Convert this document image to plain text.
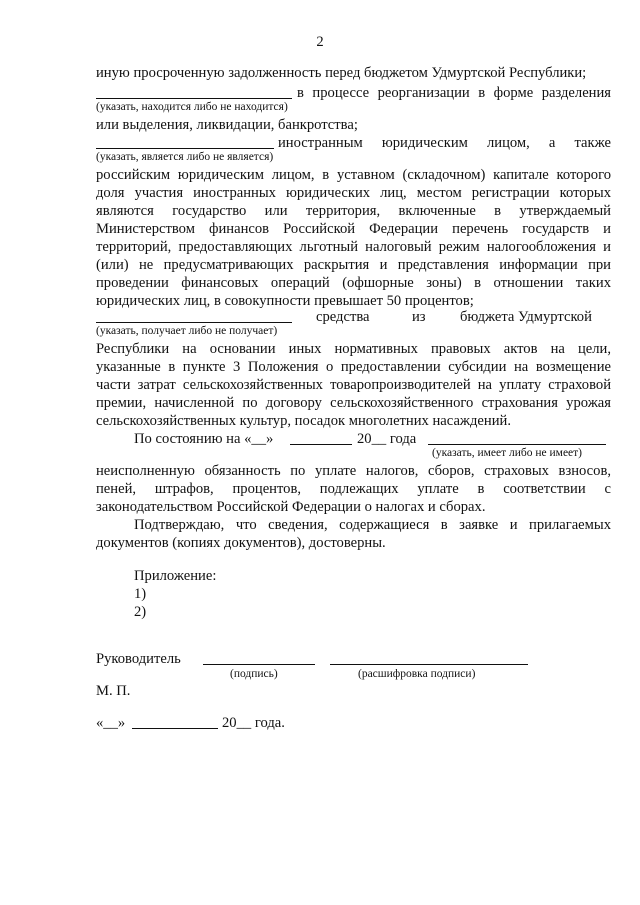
2
иную просроченную задолженность перед бюджетом Удмуртской Республики;
в процессе реорганизации в форме разделения
(указать, находится либо не находится)
или выделения, ликвидации, банкротства;
иностранным юридическим лицом, а также
(указать, является либо не является)
российским юридическим лицом, в уставном (складочном) капитале которого
доля участия иностранных юридических лиц, местом регистрации которых
являются государство или территория, включенные в утверждаемый
Министерством финансов Российской Федерации перечень государств и
территорий, предоставляющих льготный налоговый режим налогообложения и
(или) не предусматривающих раскрытия и представления информации при
проведении финансовых операций (офшорные зоны) в отношении таких
юридических лиц, в совокупности превышает 50 процентов;
средства	из бюджета Удмуртской
(указать, получает либо не получает)
Республики на основании иных нормативных правовых актов на цели,
указанные в пункте 3 Положения о предоставлении субсидии на возмещение
части затрат сельскохозяйственных товаропроизводителей на уплату страховой
премии, начисленной по договору сельскохозяйственного страхования урожая
сельскохозяйственных культур, посадок многолетних насаждений.
По состоянию на «__»	20__ года
(указать, имеет либо не имеет)
неисполненную обязанность по уплате налогов, сборов, страховых взносов,
пеней, штрафов, процентов, подлежащих уплате в соответствии с
законодательством Российской Федерации о налогах и сборах.
Подтверждаю, что сведения, содержащиеся в заявке и прилагаемых
документов (копиях документов), достоверны.
Приложение:
1)
2)
Руководитель
(подпись)	(расшифровка подписи)
М. П.
«__»	20__ года.
